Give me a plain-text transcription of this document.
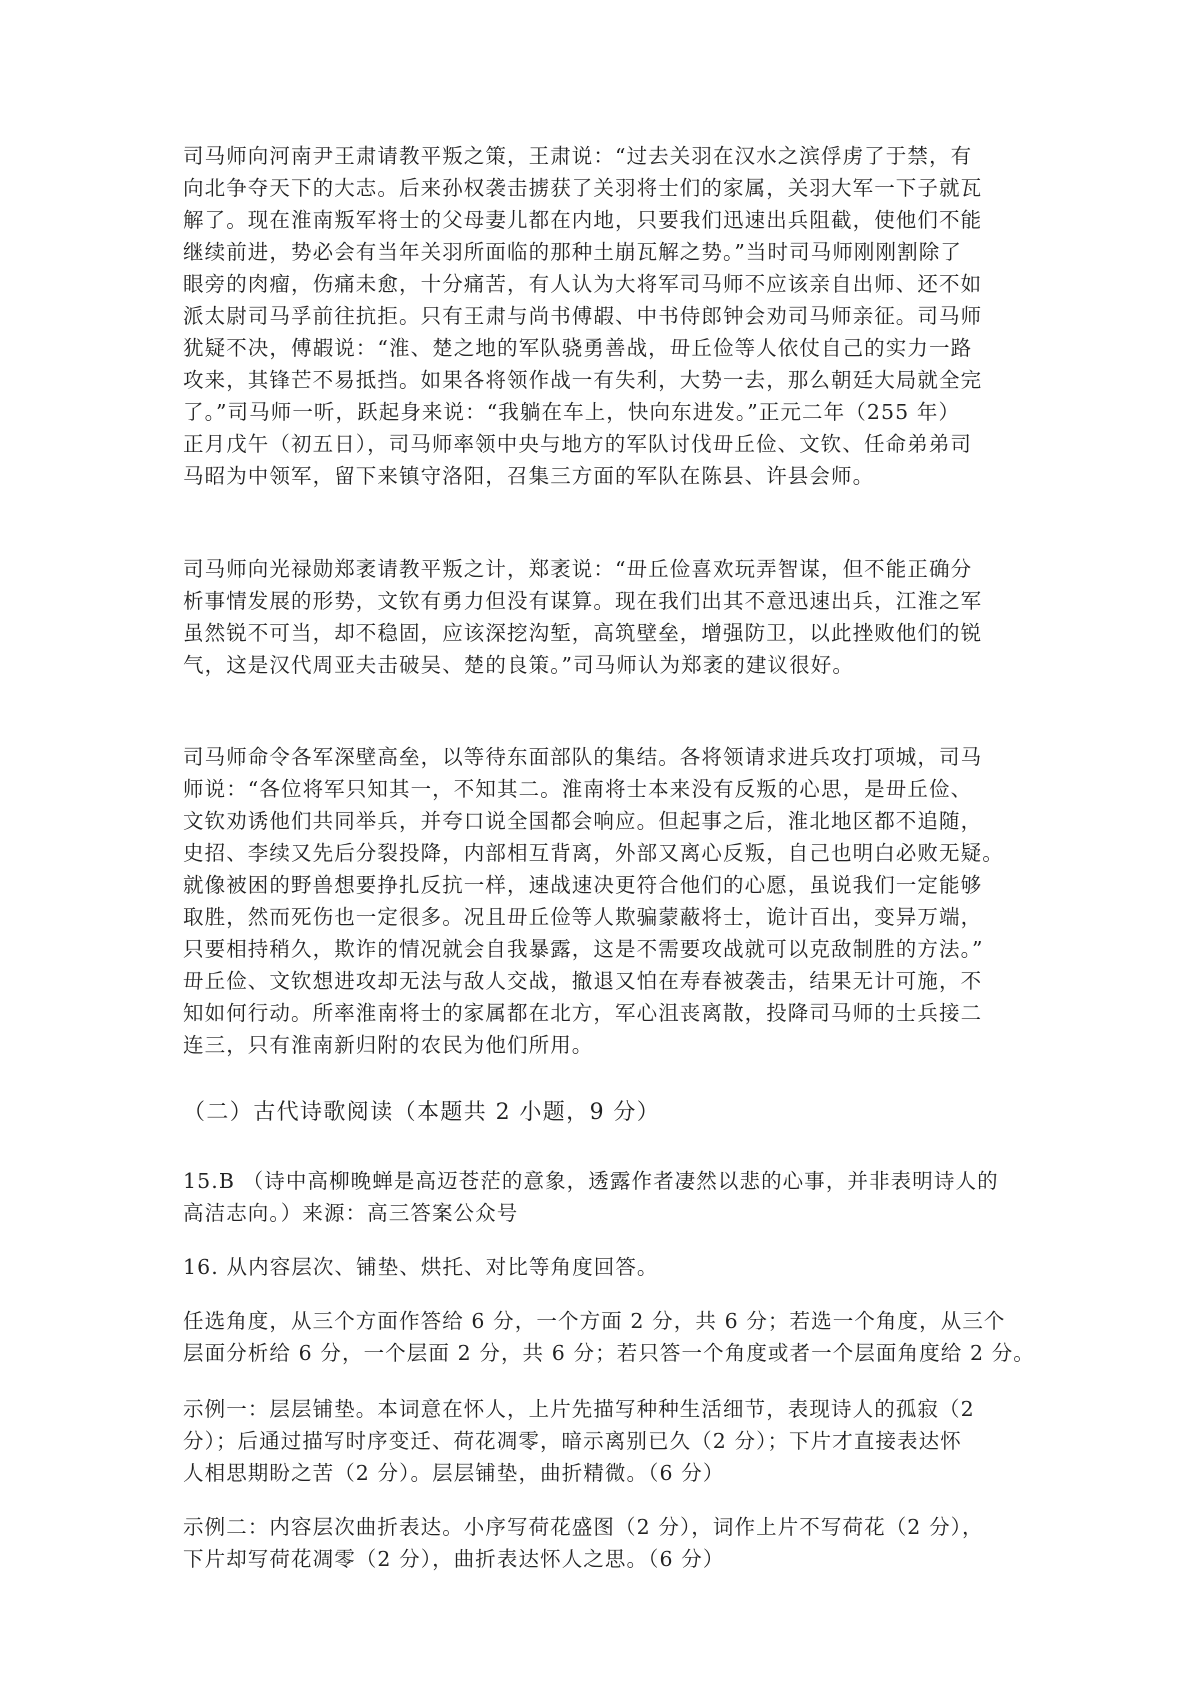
司马师向河南尹王肃请教平叛之策，王肃说：“过去关羽在汉水之滨俘虏了于禁，有
向北争夺天下的大志。后来孙权袭击掳获了关羽将士们的家属，关羽大军一下子就瓦
解了。现在淮南叛军将士的父母妻儿都在内地，只要我们迅速出兵阻截，使他们不能
继续前进，势必会有当年关羽所面临的那种土崩瓦解之势。”当时司马师刚刚割除了
眼旁的肉瘤，伤痛未愈，十分痛苦，有人认为大将军司马师不应该亲自出师、还不如
派太尉司马孚前往抗拒。只有王肃与尚书傅嘏、中书侍郎钟会劝司马师亲征。司马师
犹疑不决，傅嘏说：“淮、楚之地的军队骁勇善战，毌丘俭等人依仗自己的实力一路
攻来，其锋芒不易抵挡。如果各将领作战一有失利，大势一去，那么朝廷大局就全完
了。”司马师一听，跃起身来说：“我躺在车上，快向东进发。”正元二年（255 年）
正月戊午（初五日），司马师率领中央与地方的军队讨伐毌丘俭、文钦、任命弟弟司
马昭为中领军，留下来镇守洛阳，召集三方面的军队在陈县、许县会师。
司马师向光禄勋郑袤请教平叛之计，郑袤说：“毌丘俭喜欢玩弄智谋，但不能正确分
析事情发展的形势，文钦有勇力但没有谋算。现在我们出其不意迅速出兵，江淮之军
虽然锐不可当，却不稳固，应该深挖沟堑，高筑壁垒，增强防卫，以此挫败他们的锐
气，这是汉代周亚夫击破吴、楚的良策。”司马师认为郑袤的建议很好。
司马师命令各军深壁高垒，以等待东面部队的集结。各将领请求进兵攻打项城，司马
师说：“各位将军只知其一，不知其二。淮南将士本来没有反叛的心思，是毌丘俭、
文钦劝诱他们共同举兵，并夸口说全国都会响应。但起事之后，淮北地区都不追随，
史招、李续又先后分裂投降，内部相互背离，外部又离心反叛，自己也明白必败无疑。
就像被困的野兽想要挣扎反抗一样，速战速决更符合他们的心愿，虽说我们一定能够
取胜，然而死伤也一定很多。况且毌丘俭等人欺骗蒙蔽将士，诡计百出，变异万端，
只要相持稍久，欺诈的情况就会自我暴露，这是不需要攻战就可以克敌制胜的方法。”
毌丘俭、文钦想进攻却无法与敌人交战，撤退又怕在寿春被袭击，结果无计可施，不
知如何行动。所率淮南将士的家属都在北方，军心沮丧离散，投降司马师的士兵接二
连三，只有淮南新归附的农民为他们所用。
（二）古代诗歌阅读（本题共 2 小题，9 分）
15.B （诗中高柳晚蝉是高迈苍茫的意象，透露作者凄然以悲的心事，并非表明诗人的
高洁志向。）来源：高三答案公众号
16. 从内容层次、铺垫、烘托、对比等角度回答。
任选角度，从三个方面作答给 6 分，一个方面 2 分，共 6 分；若选一个角度，从三个
层面分析给 6 分，一个层面 2 分，共 6 分；若只答一个角度或者一个层面角度给 2 分。
示例一：层层铺垫。本词意在怀人，上片先描写种种生活细节，表现诗人的孤寂（2
分）；后通过描写时序变迁、荷花凋零，暗示离别已久（2 分）；下片才直接表达怀
人相思期盼之苦（2 分）。层层铺垫，曲折精微。（6 分）
示例二：内容层次曲折表达。小序写荷花盛图（2 分），词作上片不写荷花（2 分），
下片却写荷花凋零（2 分），曲折表达怀人之思。（6 分）
